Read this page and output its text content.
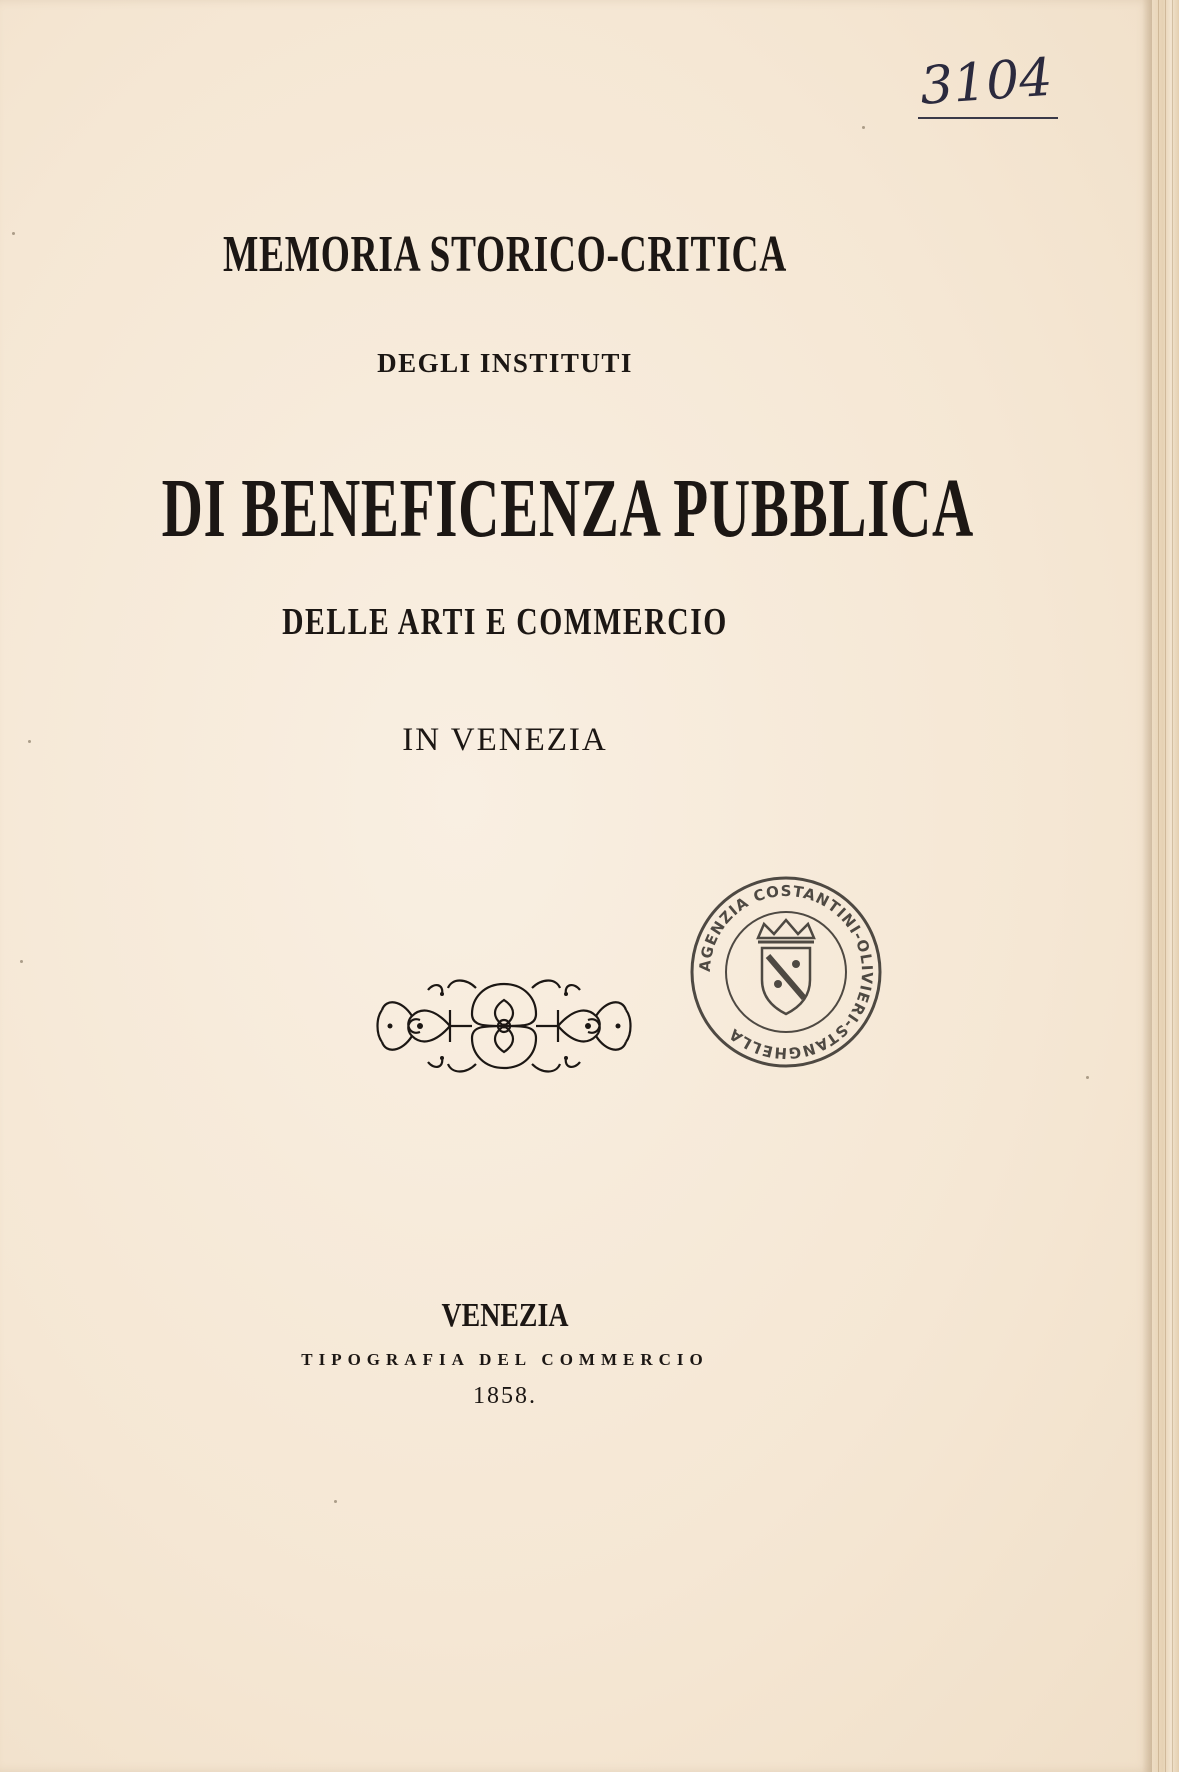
3104
MEMORIA STORICO-CRITICA
DEGLI INSTITUTI
DI BENEFICENZA PUBBLICA
DELLE ARTI E COMMERCIO
IN VENEZIA
AGENZIA COSTANTINI-OLIVIERI-STANGHELLA
VENEZIA
TIPOGRAFIA DEL COMMERCIO
1858.
